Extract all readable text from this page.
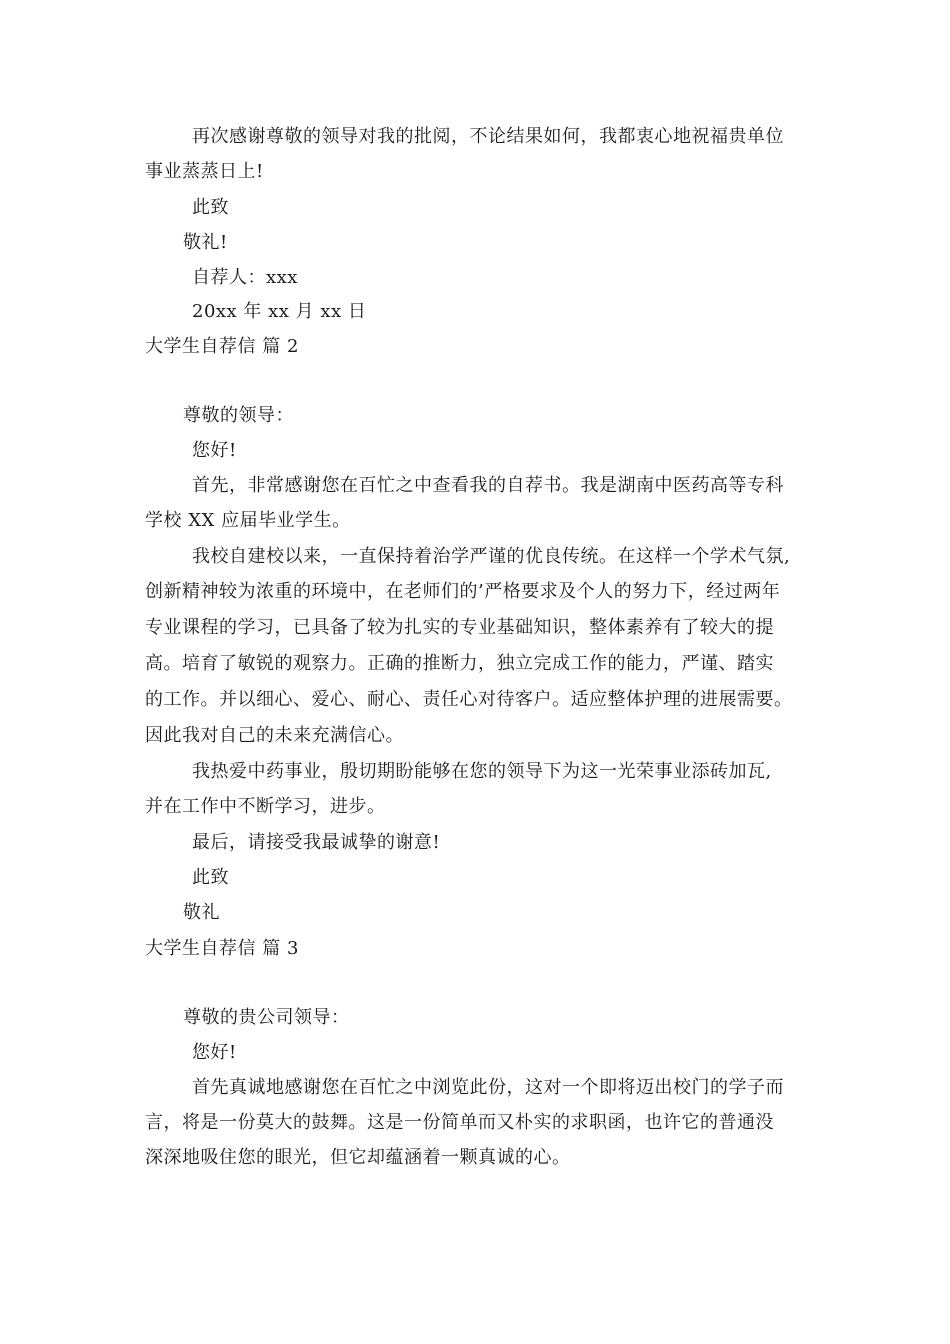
再次感谢尊敬的领导对我的批阅，不论结果如何，我都衷心地祝福贵单位
事业蒸蒸日上!
此致
敬礼!
自荐人：xxx
20xx 年 xx 月 xx 日
大学生自荐信 篇 2
尊敬的领导：
您好!
首先，非常感谢您在百忙之中查看我的自荐书。我是湖南中医药高等专科
学校 XX 应届毕业学生。
我校自建校以来，一直保持着治学严谨的优良传统。在这样一个学术气氛,
创新精神较为浓重的环境中，在老师们的’严格要求及个人的努力下，经过两年
专业课程的学习，已具备了较为扎实的专业基础知识，整体素养有了较大的提
高。培育了敏锐的观察力。正确的推断力，独立完成工作的能力，严谨、踏实
的工作。并以细心、爱心、耐心、责任心对待客户。适应整体护理的进展需要。
因此我对自己的未来充满信心。
我热爱中药事业，殷切期盼能够在您的领导下为这一光荣事业添砖加瓦,
并在工作中不断学习，进步。
最后，请接受我最诚挚的谢意!
此致
敬礼
大学生自荐信 篇 3
尊敬的贵公司领导：
您好!
首先真诚地感谢您在百忙之中浏览此份，这对一个即将迈出校门的学子而
言，将是一份莫大的鼓舞。这是一份简单而又朴实的求职函，也许它的普通没
深深地吸住您的眼光，但它却蕴涵着一颗真诚的心。
